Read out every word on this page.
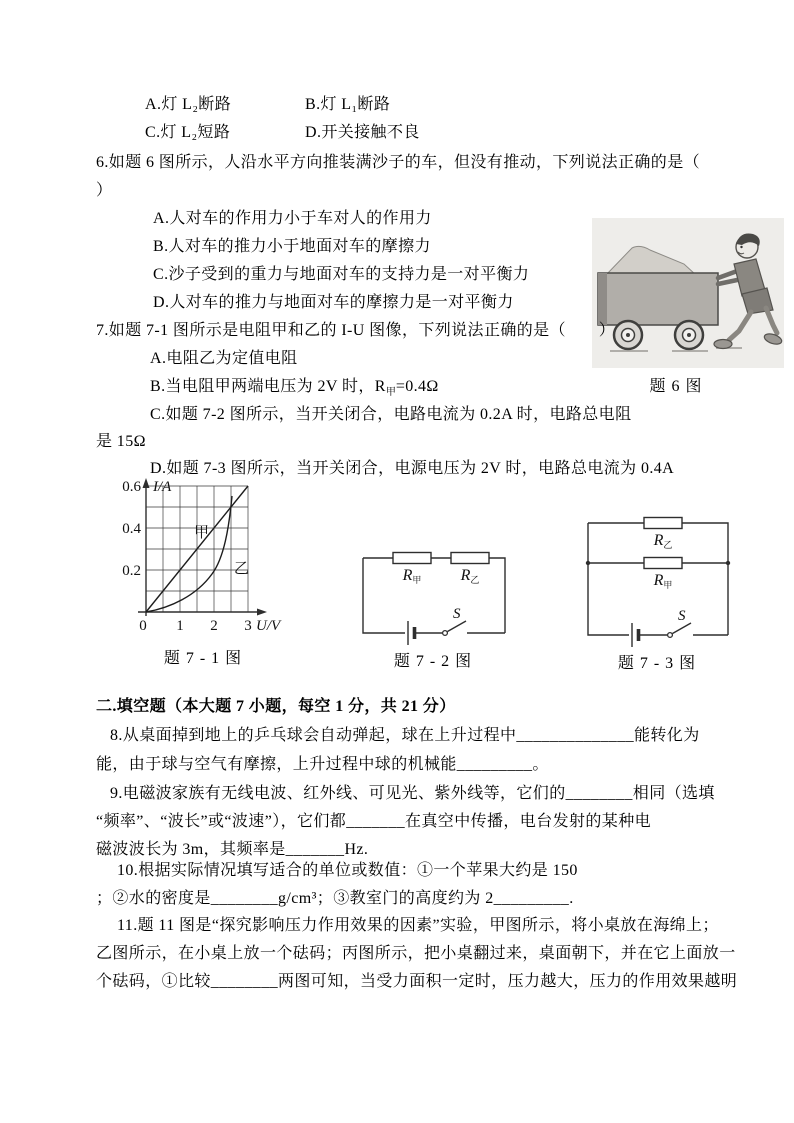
A.灯 L₂断路	B.灯 L₁断路
C.灯 L₂短路	D.开关接触不良
6.如题 6 图所示，人沿水平方向推装满沙子的车，但没有推动，下列说法正确的是（
）
A.人对车的作用力小于车对人的作用力
B.人对车的推力小于地面对车的摩擦力
C.沙子受到的重力与地面对车的支持力是一对平衡力
D.人对车的推力与地面对车的摩擦力是一对平衡力
题 6 图
7.如题 7-1 图所示是电阻甲和乙的 I-U 图像，下列说法正确的是（　　）
A.电阻乙为定值电阻
B.当电阻甲两端电压为 2V 时，$R_甲=0.4\Omega$
C.如题 7-2 图所示，当开关闭合，电路电流为 0.2A 时，电路总电阻
是 15Ω
D.如题 7-3 图所示，当开关闭合，电源电压为 2V 时，电路总电流为 0.4A
I/A
U/V
0.6
0.4
0.2
0 1 2 3
甲
乙
题 7 - 1 图
R甲 R乙
S
题 7 - 2 图
R乙
R甲
S
题 7 - 3 图
二.填空题（本大题 7 小题，每空 1 分，共 21 分）
8.从桌面掉到地上的乒乓球会自动弹起，球在上升过程中______________能转化为
能，由于球与空气有摩擦，上升过程中球的机械能_________。
9.电磁波家族有无线电波、红外线、可见光、紫外线等，它们的________相同（选填
“频率”、“波长”或“波速”），它们都_______在真空中传播，电台发射的某种电
磁波波长为 3m，其频率是_______Hz.
10.根据实际情况填写适合的单位或数值：①一个苹果大约是 150
；②水的密度是________g/cm³；③教室门的高度约为 2_________.
11.题 11 图是“探究影响压力作用效果的因素”实验，甲图所示，将小桌放在海绵上；
乙图所示，在小桌上放一个砝码；丙图所示，把小桌翻过来，桌面朝下，并在它上面放一
个砝码，①比较________两图可知，当受力面积一定时，压力越大，压力的作用效果越明
